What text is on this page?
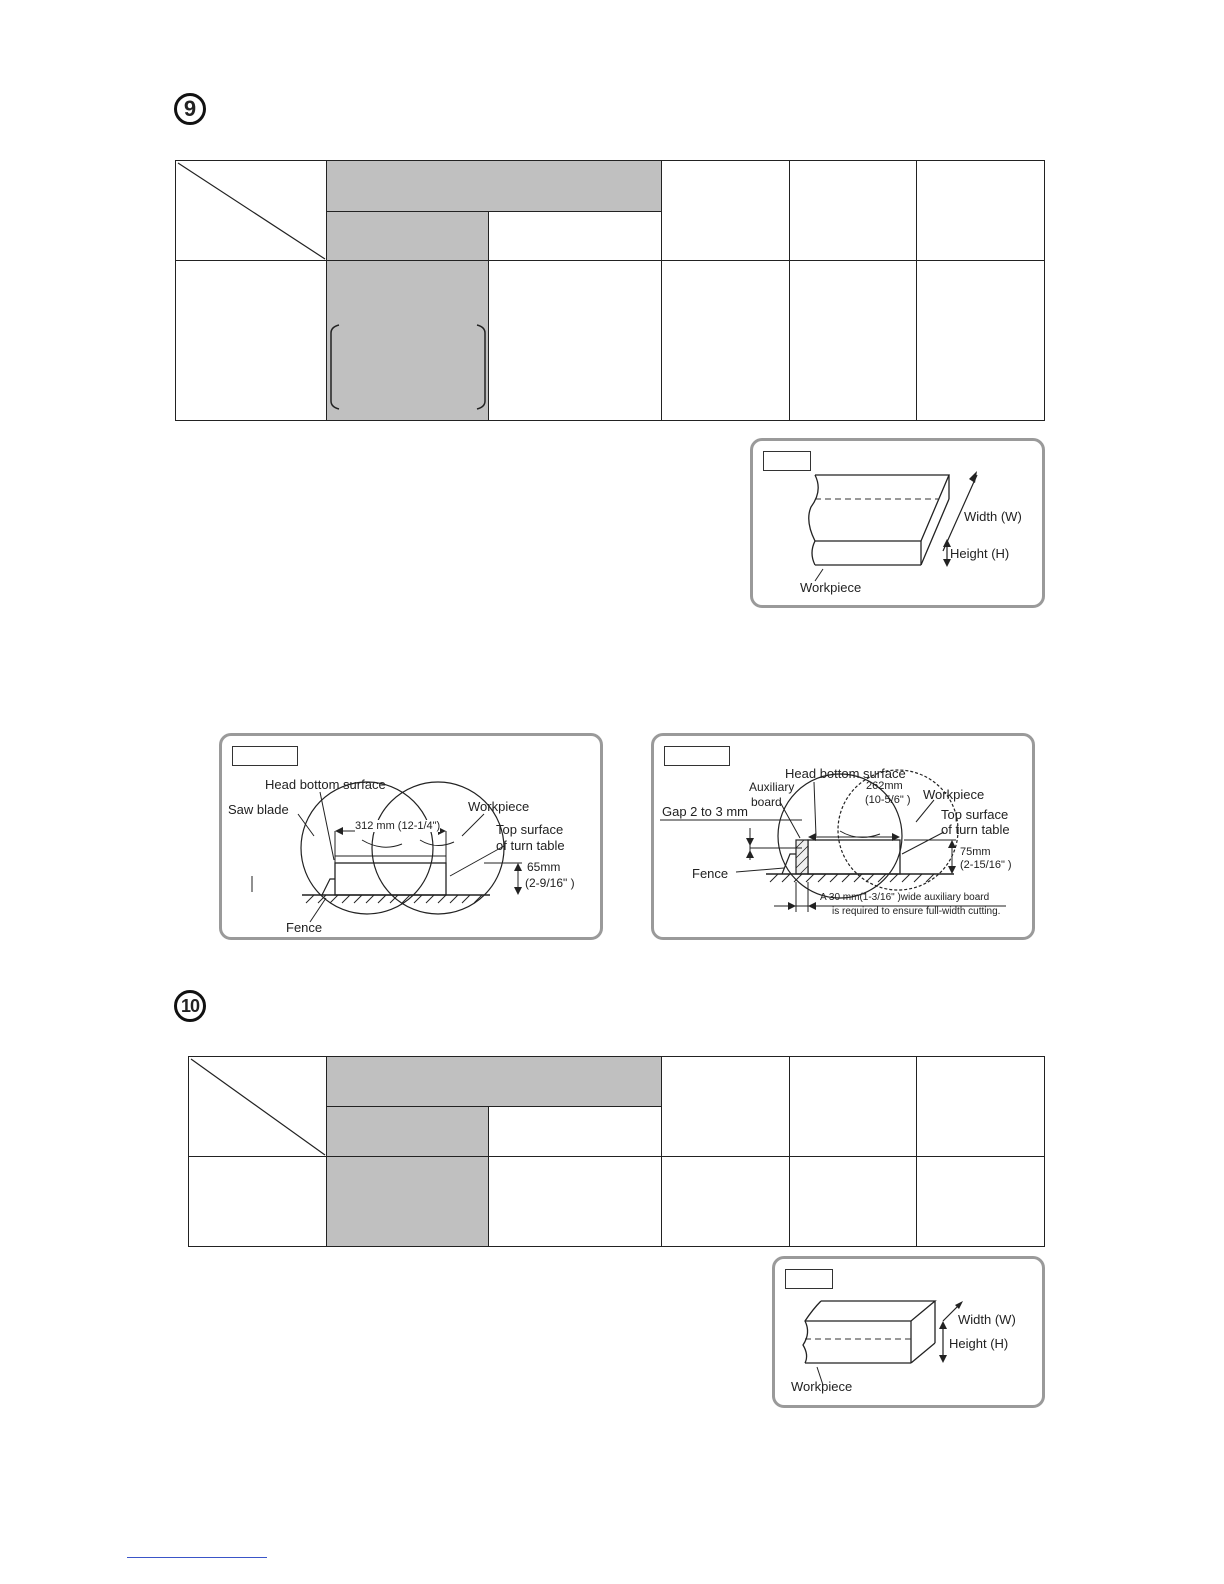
9
Width (W)
Height (H)
Workpiece
Head bottom surface
Saw blade	Workpiece
Top surface
of turn table
312 mm (12-1/4")
65mm
(2-9/16" )
Fence
Head bottom surface
Auxiliary
board
262mm
(10-5/6" ) Workpiece
Gap 2 to 3 mm	Top surface
of turn table
75mm
(2-15/16" )
Fence
A 30 mm(1-3/16" )wide auxiliary board
is required to ensure full-width cutting.
10
Width (W)
Height (H)
Workpiece
